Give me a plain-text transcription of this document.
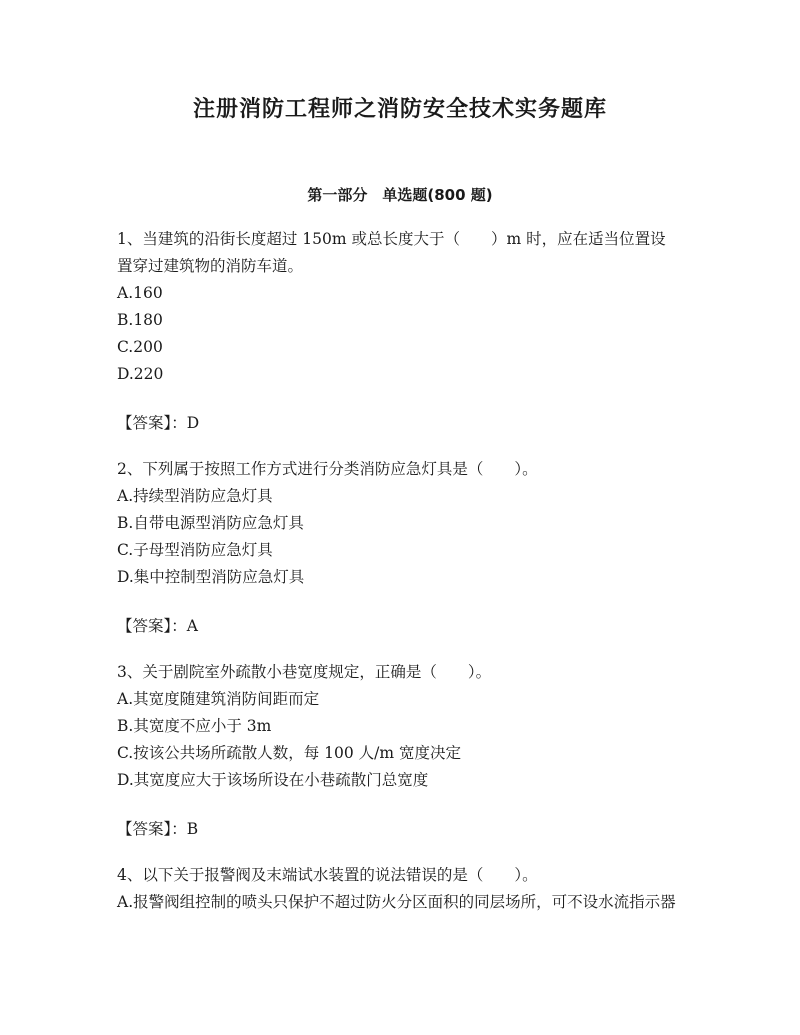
注册消防工程师之消防安全技术实务题库
第一部分　单选题(800 题)

1、当建筑的沿街长度超过 150m 或总长度大于（　　）m 时，应在适当位置设置穿过建筑物的消防车道。

A.160

B.180

C.200

D.220

【答案】：D

2、下列属于按照工作方式进行分类消防应急灯具是（　　）。

A.持续型消防应急灯具

B.自带电源型消防应急灯具

C.子母型消防应急灯具

D.集中控制型消防应急灯具

【答案】：A

3、关于剧院室外疏散小巷宽度规定，正确是（　　）。

A.其宽度随建筑消防间距而定

B.其宽度不应小于 3m

C.按该公共场所疏散人数，每 100 人/m 宽度决定

D.其宽度应大于该场所设在小巷疏散门总宽度

【答案】：B

4、以下关于报警阀及末端试水装置的说法错误的是（　　）。

A.报警阀组控制的喷头只保护不超过防火分区面积的同层场所，可不设水流指示器
